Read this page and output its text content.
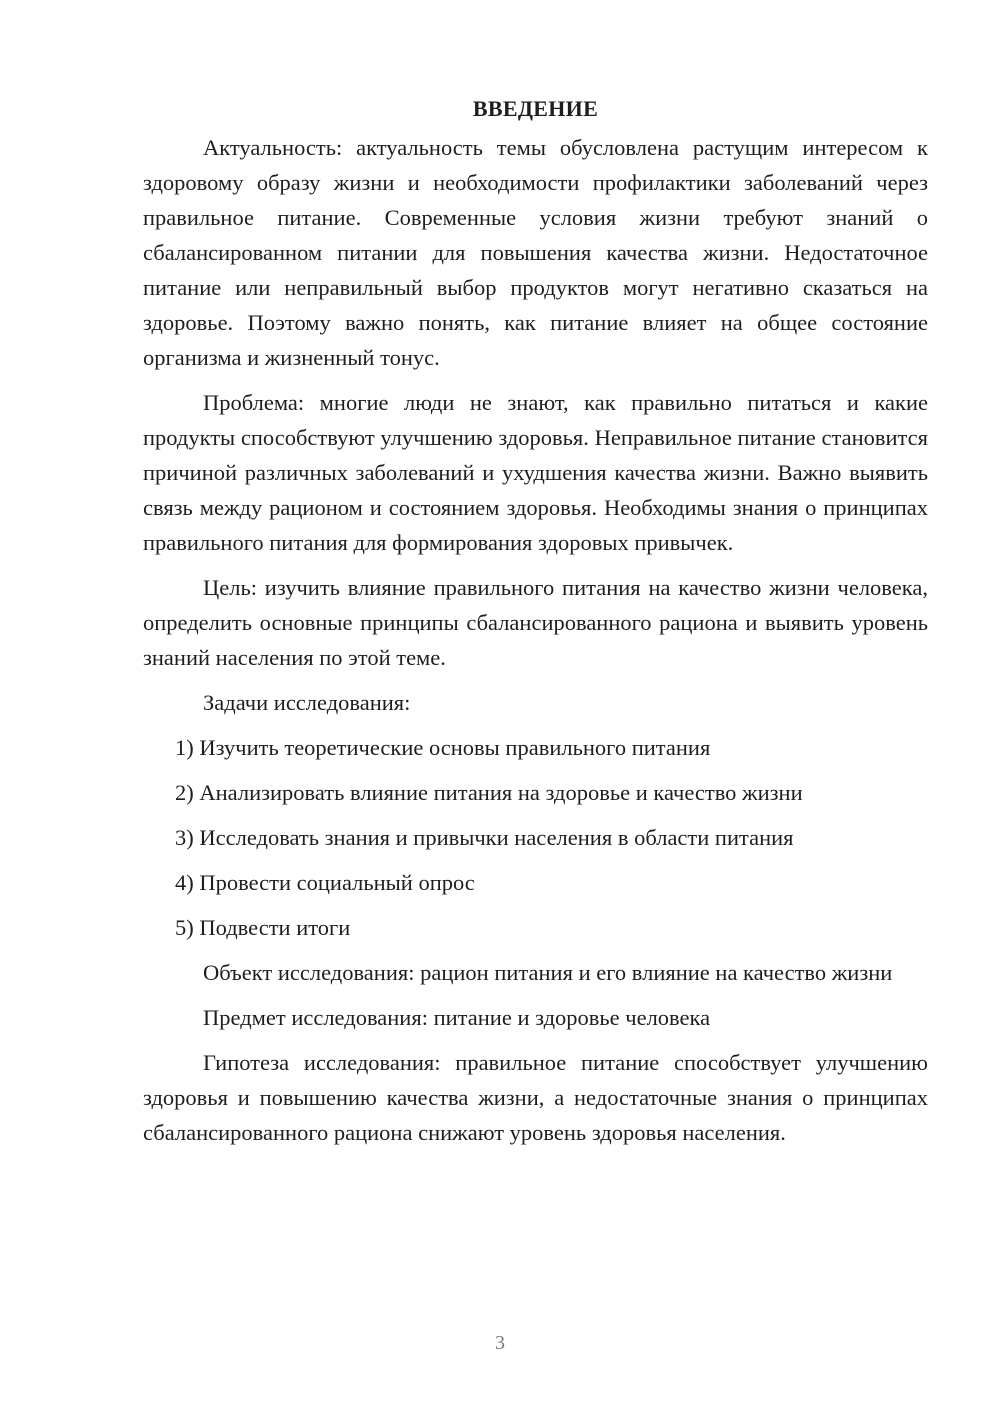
ВВЕДЕНИЕ

Актуальность: актуальность темы обусловлена растущим интересом к здоровому образу жизни и необходимости профилактики заболеваний через правильное питание. Современные условия жизни требуют знаний о сбалансированном питании для повышения качества жизни. Недостаточное питание или неправильный выбор продуктов могут негативно сказаться на здоровье. Поэтому важно понять, как питание влияет на общее состояние организма и жизненный тонус.

Проблема: многие люди не знают, как правильно питаться и какие продукты способствуют улучшению здоровья. Неправильное питание становится причиной различных заболеваний и ухудшения качества жизни. Важно выявить связь между рационом и состоянием здоровья. Необходимы знания о принципах правильного питания для формирования здоровых привычек.

Цель: изучить влияние правильного питания на качество жизни человека, определить основные принципы сбалансированного рациона и выявить уровень знаний населения по этой теме.

Задачи исследования:

1) Изучить теоретические основы правильного питания

2) Анализировать влияние питания на здоровье и качество жизни

3) Исследовать знания и привычки населения в области питания

4) Провести социальный опрос

5) Подвести итоги

Объект исследования: рацион питания и его влияние на качество жизни

Предмет исследования: питание и здоровье человека

Гипотеза исследования: правильное питание способствует улучшению здоровья и повышению качества жизни, а недостаточные знания о принципах сбалансированного рациона снижают уровень здоровья населения.

3
